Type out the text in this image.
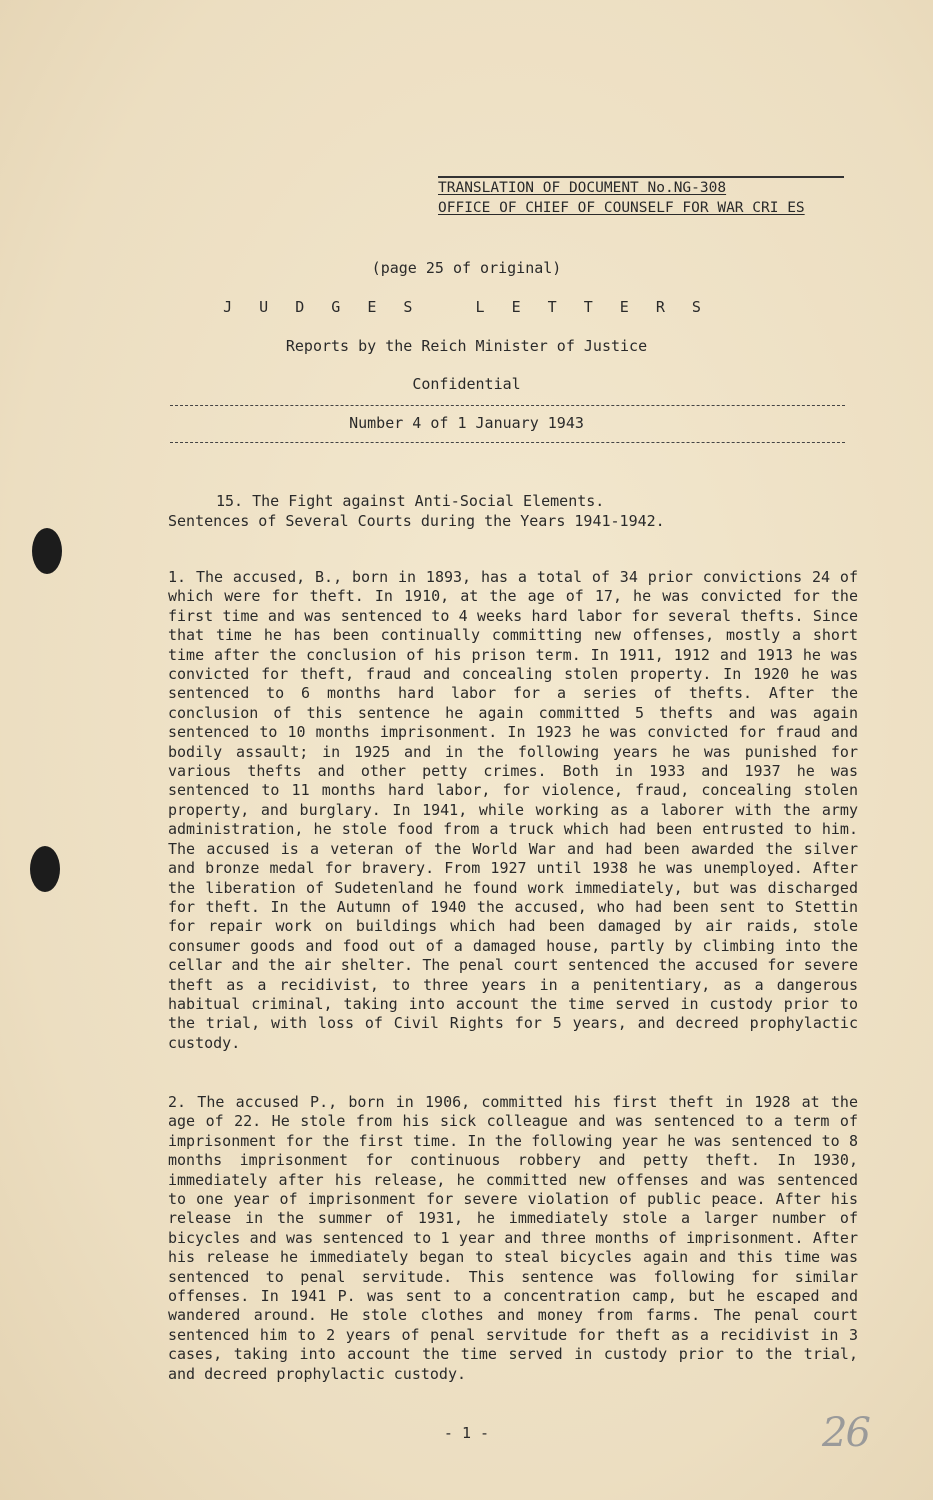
TRANSLATION OF DOCUMENT No.NG-308
OFFICE OF CHIEF OF COUNSELF FOR WAR CRI ES
(page 25 of original)
J U D G E S   L E T T E R S
Reports by the Reich Minister of Justice
Confidential
Number 4 of 1 January 1943
15. The Fight against Anti-Social Elements.
Sentences of Several Courts during the Years 1941-1942.
1. The accused, B., born in 1893, has a total of 34 prior convictions 24 of which were for theft. In 1910, at the age of 17, he was convicted for the first time and was sentenced to 4 weeks hard labor for several thefts. Since that time he has been continually committing new offenses, mostly a short time after the conclusion of his prison term. In 1911, 1912 and 1913 he was convicted for theft, fraud and concealing stolen property. In 1920 he was sentenced to 6 months hard labor for a series of thefts. After the conclusion of this sentence he again committed 5 thefts and was again sentenced to 10 months imprisonment. In 1923 he was convicted for fraud and bodily assault; in 1925 and in the following years he was punished for various thefts and other petty crimes. Both in 1933 and 1937 he was sentenced to 11 months hard labor, for violence, fraud, concealing stolen property, and burglary. In 1941, while working as a laborer with the army administration, he stole food from a truck which had been entrusted to him. The accused is a veteran of the World War and had been awarded the silver and bronze medal for bravery. From 1927 until 1938 he was unemployed. After the liberation of Sudetenland he found work immediately, but was discharged for theft. In the Autumn of 1940 the accused, who had been sent to Stettin for repair work on buildings which had been damaged by air raids, stole consumer goods and food out of a damaged house, partly by climbing into the cellar and the air shelter. The penal court sentenced the accused for severe theft as a recidivist, to three years in a penitentiary, as a dangerous habitual criminal, taking into account the time served in custody prior to the trial, with loss of Civil Rights for 5 years, and decreed prophylactic custody.
2. The accused P., born in 1906, committed his first theft in 1928 at the age of 22. He stole from his sick colleague and was sentenced to a term of imprisonment for the first time. In the following year he was sentenced to 8 months imprisonment for continuous robbery and petty theft. In 1930, immediately after his release, he committed new offenses and was sentenced to one year of imprisonment for severe violation of public peace. After his release in the summer of 1931, he immediately stole a larger number of bicycles and was sentenced to 1 year and three months of imprisonment. After his release he immediately began to steal bicycles again and this time was sentenced to penal servitude. This sentence was following for similar offenses. In 1941 P. was sent to a concentration camp, but he escaped and wandered around. He stole clothes and money from farms. The penal court sentenced him to 2 years of penal servitude for theft as a recidivist in 3 cases, taking into account the time served in custody prior to the trial, and decreed prophylactic custody.
- 1 -	26
